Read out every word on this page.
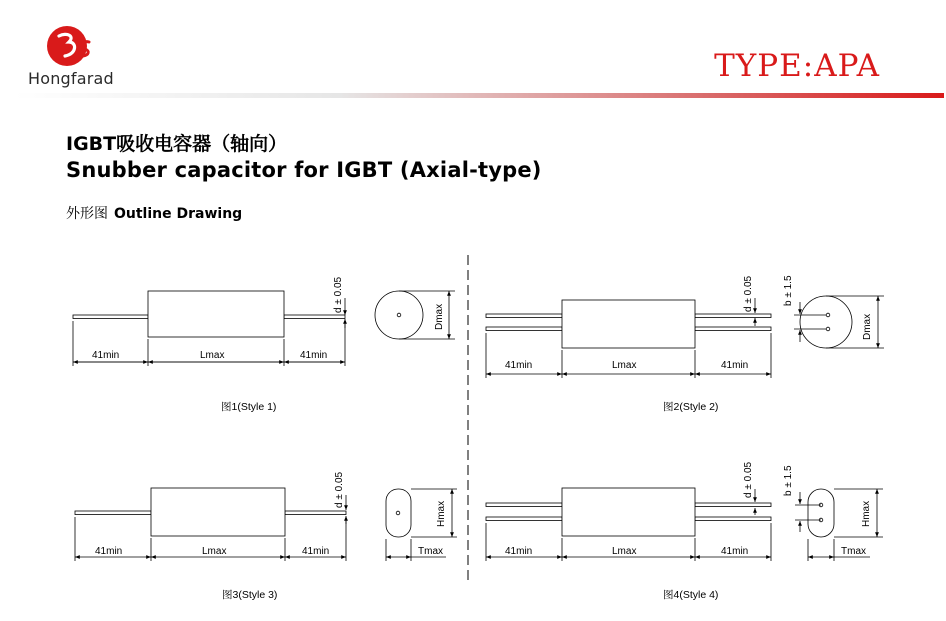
Hongfarad	TYPE:APA
IGBT吸收电容器（轴向）
Snubber capacitor for IGBT (Axial-type)
外形图 Outline Drawing
41min	Lmax	41min
d ± 0.05
Dmax
图1(Style 1)
41min	Lmax	41min
d ± 0.05	b ± 1.5
Dmax
图2(Style 2)
41min	Lmax	41min
d ± 0.05
Hmax
Tmax
图3(Style 3)
41min	Lmax	41min
d ± 0.05	b ± 1.5
Hmax
Tmax
图4(Style 4)
